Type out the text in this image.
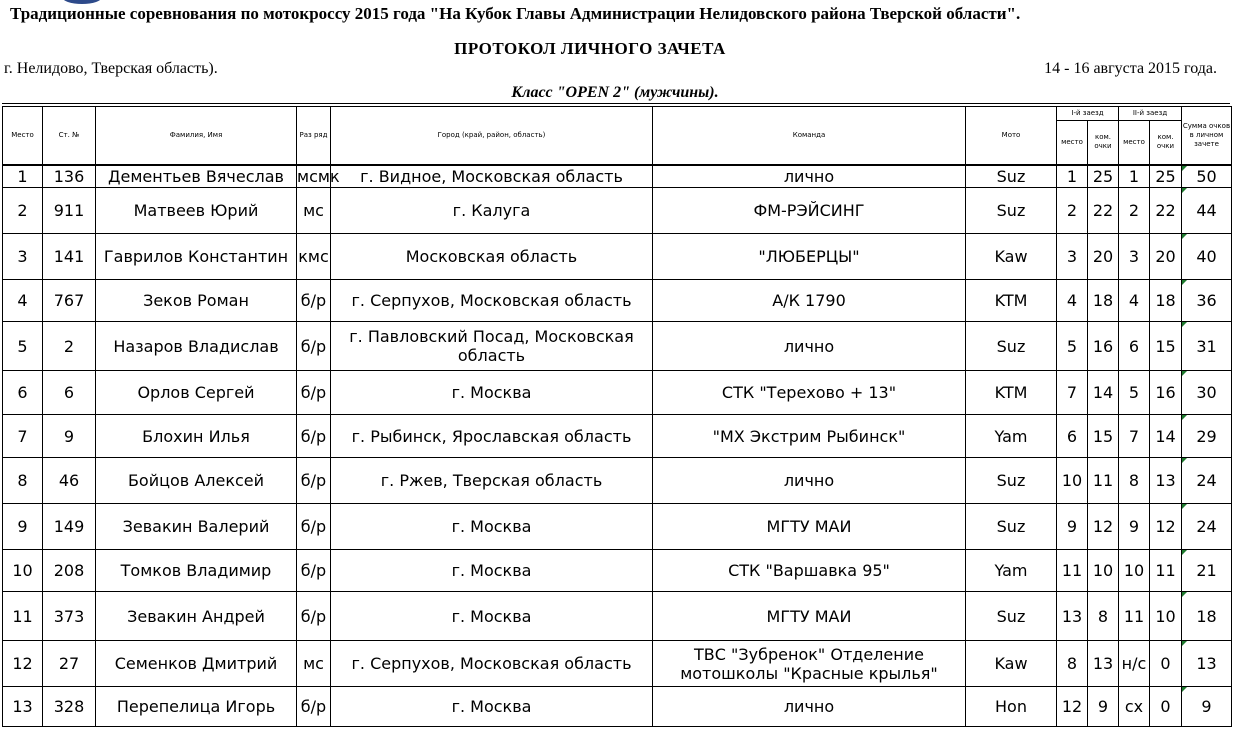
Традиционные соревнования по мотокроссу 2015 года "На Кубок Главы Администрации Нелидовского района Тверской области".
ПРОТОКОЛ ЛИЧНОГО ЗАЧЕТА
г. Нелидово, Тверская область).	14 - 16 августа 2015 года.
Класс "OPEN 2" (мужчины).
Место	Ст. №	Фамилия, Имя	Раз ряд	Город (край, район, область)	Команда	Мото	I-й заезд		II-й заезд		Сумма очков в личном зачете
							место	ком. очки	место	ком. очки	
1	136	Дементьев Вячеслав	мсмк	г. Видное, Московская область	лично	Suz	1	25	1	25	50
2	911	Матвеев Юрий	мс	г. Калуга	ФМ-РЭЙСИНГ	Suz	2	22	2	22	44
3	141	Гаврилов Константин	кмс	Московская область	"ЛЮБЕРЦЫ"	Kaw	3	20	3	20	40
4	767	Зеков Роман	б/р	г. Серпухов, Московская область	А/К 1790	KTM	4	18	4	18	36
5	2	Назаров Владислав	б/р	г. Павловский Посад, Московская область	лично	Suz	5	16	6	15	31
6	6	Орлов Сергей	б/р	г. Москва	СТК "Терехово + 13"	KTM	7	14	5	16	30
7	9	Блохин Илья	б/р	г. Рыбинск, Ярославская область	"MX Экстрим Рыбинск"	Yam	6	15	7	14	29
8	46	Бойцов Алексей	б/р	г. Ржев, Тверская область	лично	Suz	10	11	8	13	24
9	149	Зевакин Валерий	б/р	г. Москва	МГТУ МАИ	Suz	9	12	9	12	24
10	208	Томков Владимир	б/р	г. Москва	СТК "Варшавка 95"	Yam	11	10	10	11	21
11	373	Зевакин Андрей	б/р	г. Москва	МГТУ МАИ	Suz	13	8	11	10	18
12	27	Семенков Дмитрий	мс	г. Серпухов, Московская область	ТВС "Зубренок" Отделение мотошколы "Красные крылья"	Kaw	8	13	н/с	0	13
13	328	Перепелица Игорь	б/р	г. Москва	лично	Hon	12	9	сх	0	9
